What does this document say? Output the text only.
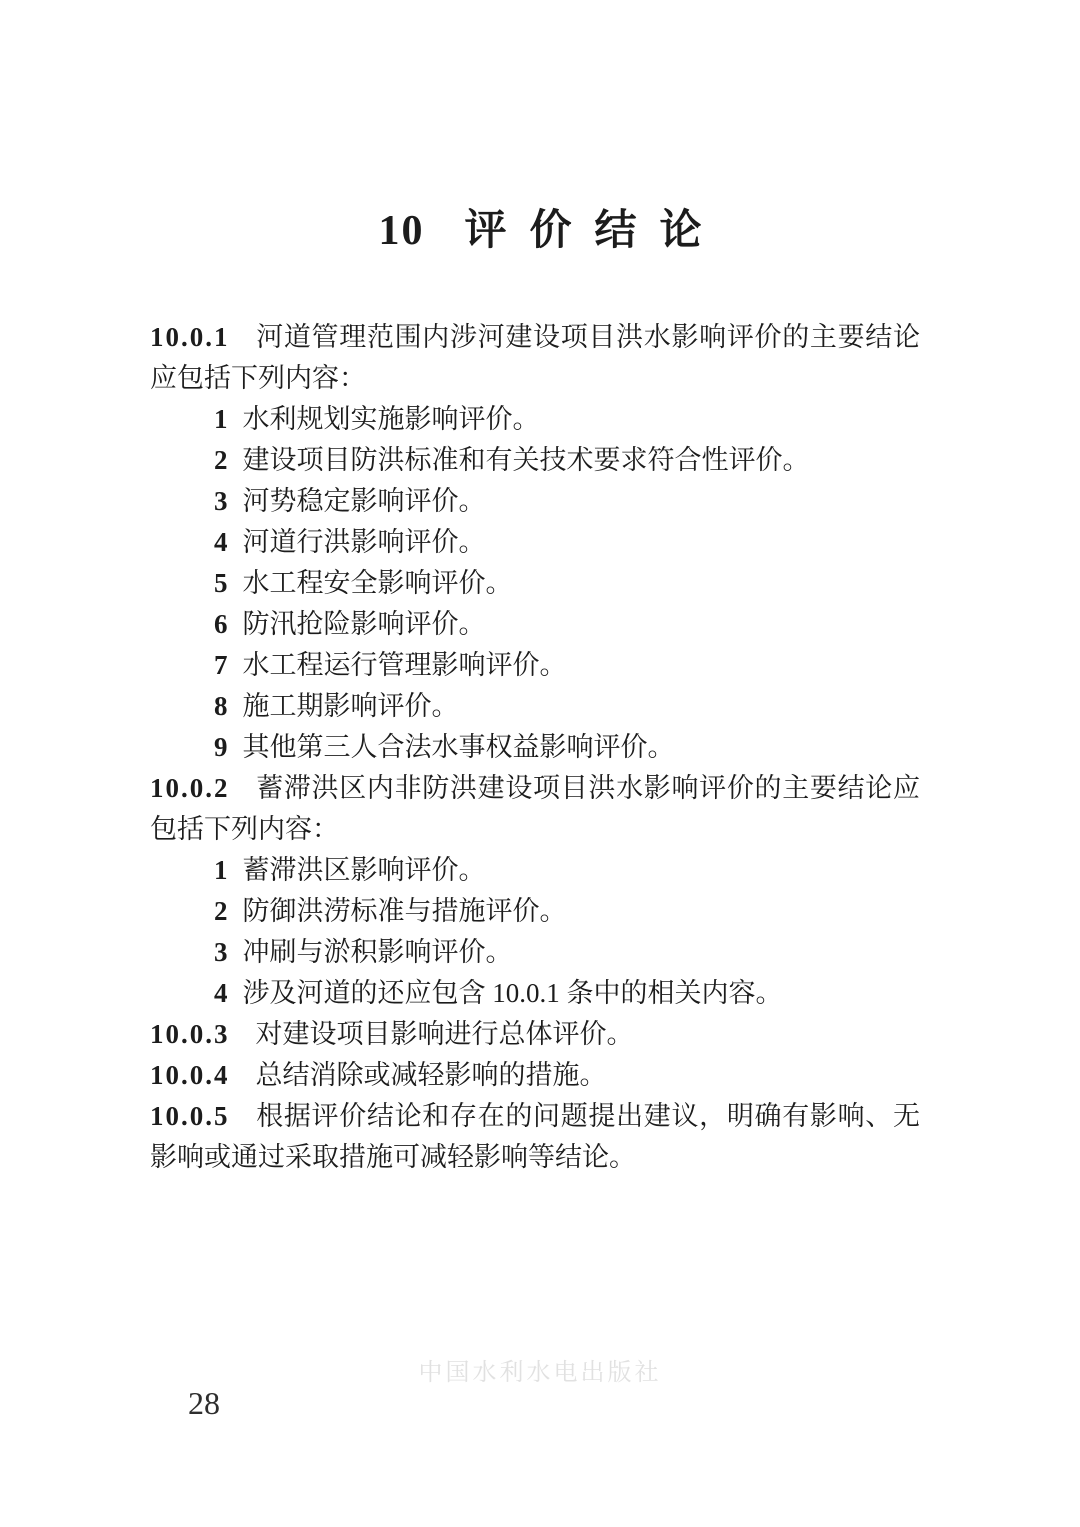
10 评价结论

10.0.1 河道管理范围内涉河建设项目洪水影响评价的主要结论应包括下列内容：

1 水利规划实施影响评价。

2 建设项目防洪标准和有关技术要求符合性评价。

3 河势稳定影响评价。

4 河道行洪影响评价。

5 水工程安全影响评价。

6 防汛抢险影响评价。

7 水工程运行管理影响评价。

8 施工期影响评价。

9 其他第三人合法水事权益影响评价。

10.0.2 蓄滞洪区内非防洪建设项目洪水影响评价的主要结论应包括下列内容：

1 蓄滞洪区影响评价。

2 防御洪涝标准与措施评价。

3 冲刷与淤积影响评价。

4 涉及河道的还应包含 10.0.1 条中的相关内容。

10.0.3 对建设项目影响进行总体评价。

10.0.4 总结消除或减轻影响的措施。

10.0.5 根据评价结论和存在的问题提出建议，明确有影响、无影响或通过采取措施可减轻影响等结论。

中国水利水电出版社
28
